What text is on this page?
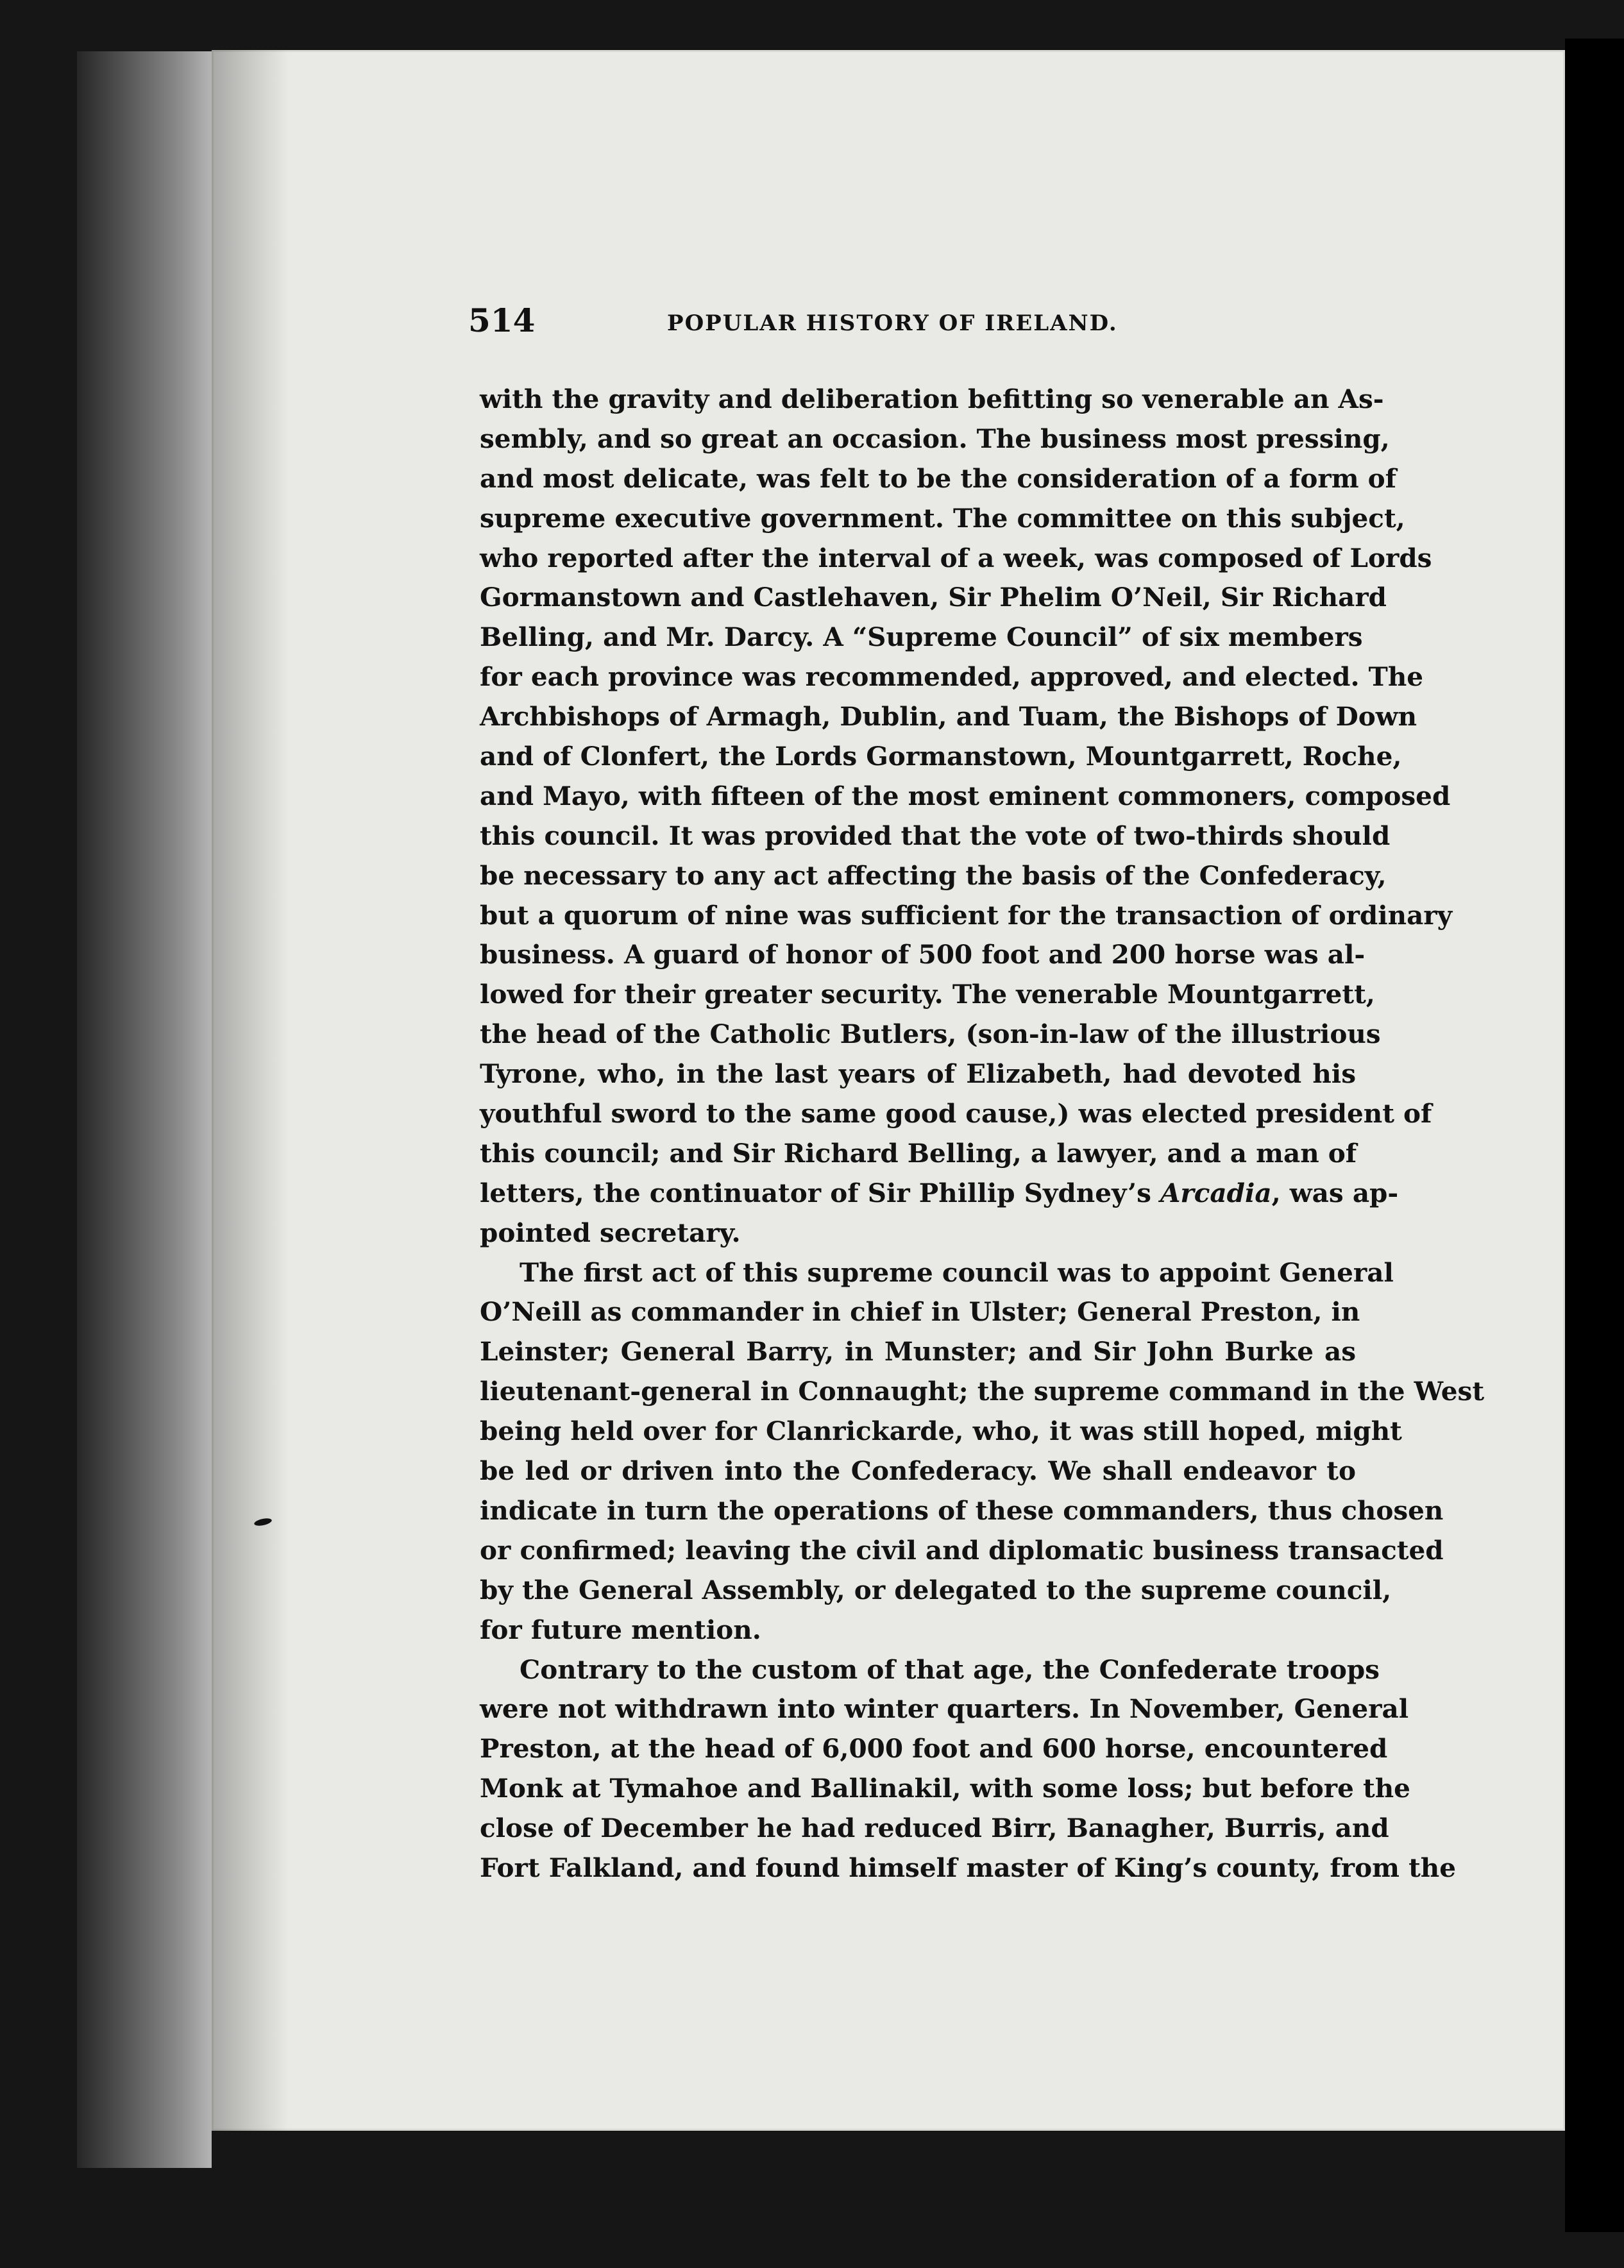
514	POPULAR HISTORY OF IRELAND.
with the gravity and deliberation befitting so venerable an As-
sembly, and so great an occasion. The business most pressing,
and most delicate, was felt to be the consideration of a form of
supreme executive government. The committee on this subject,
who reported after the interval of a week, was composed of Lords
Gormanstown and Castlehaven, Sir Phelim O’Neil, Sir Richard
Belling, and Mr. Darcy. A “Supreme Council” of six members
for each province was recommended, approved, and elected. The
Archbishops of Armagh, Dublin, and Tuam, the Bishops of Down
and of Clonfert, the Lords Gormanstown, Mountgarrett, Roche,
and Mayo, with fifteen of the most eminent commoners, composed
this council. It was provided that the vote of two-thirds should
be necessary to any act affecting the basis of the Confederacy,
but a quorum of nine was sufficient for the transaction of ordinary
business. A guard of honor of 500 foot and 200 horse was al-
lowed for their greater security. The venerable Mountgarrett,
the head of the Catholic Butlers, (son-in-law of the illustrious
Tyrone, who, in the last years of Elizabeth, had devoted his
youthful sword to the same good cause,) was elected president of
this council; and Sir Richard Belling, a lawyer, and a man of
letters, the continuator of Sir Phillip Sydney’s Arcadia, was ap-
pointed secretary.
The first act of this supreme council was to appoint General
O’Neill as commander in chief in Ulster; General Preston, in
Leinster; General Barry, in Munster; and Sir John Burke as
lieutenant-general in Connaught; the supreme command in the West
being held over for Clanrickarde, who, it was still hoped, might
be led or driven into the Confederacy. We shall endeavor to
indicate in turn the operations of these commanders, thus chosen
or confirmed; leaving the civil and diplomatic business transacted
by the General Assembly, or delegated to the supreme council,
for future mention.
Contrary to the custom of that age, the Confederate troops
were not withdrawn into winter quarters. In November, General
Preston, at the head of 6,000 foot and 600 horse, encountered
Monk at Tymahoe and Ballinakil, with some loss; but before the
close of December he had reduced Birr, Banagher, Burris, and
Fort Falkland, and found himself master of King’s county, from the
